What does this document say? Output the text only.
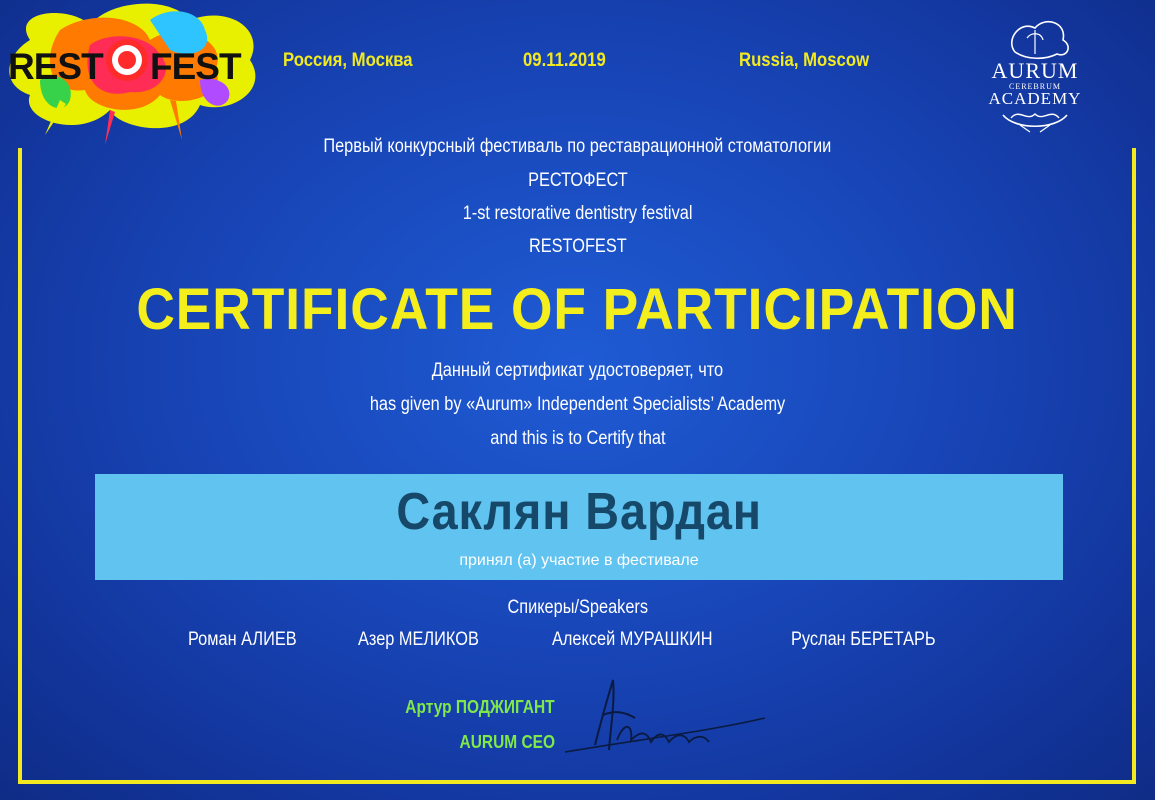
REST FEST Россия, Москва	09.11.2019	Russia, Moscow	AURUM
CEREBRUM
ACADEMY
Первый конкурсный фестиваль по реставрационной стоматологии
РЕСТОФЕСТ
1-st restorative dentistry festival
RESTOFEST
CERTIFICATE OF PARTICIPATION
Данный сертификат удостоверяет, что
has given by «Aurum» Independent Specialists’ Academy
and this is to Certify that
Саклян Вардан
принял (а) участие в фестивале
Спикеры/Speakers
Роман АЛИЕВ	Азер МЕЛИКОВ	Алексей МУРАШКИН	Руслан БЕРЕТАРЬ
Артур ПОДЖИГАНТ
AURUM CEO
